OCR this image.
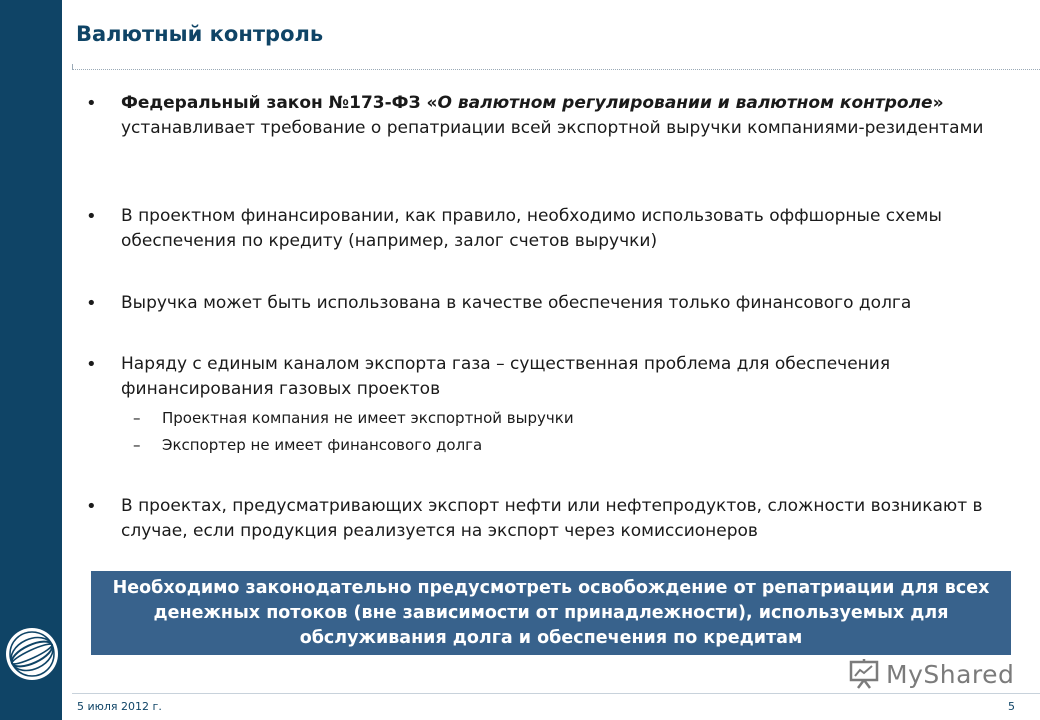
Валютный контроль
• Федеральный закон №173-ФЗ «О валютном регулировании и валютном контроле» устанавливает требование о репатриации всей экспортной выручки компаниями-резидентами
• В проектном финансировании, как правило, необходимо использовать оффшорные схемы обеспечения по кредиту (например, залог счетов выручки)
• Выручка может быть использована в качестве обеспечения только финансового долга
• Наряду с единым каналом экспорта газа – существенная проблема для обеспечения финансирования газовых проектов
– Проектная компания не имеет экспортной выручки
– Экспортер не имеет финансового долга
• В проектах, предусматривающих экспорт нефти или нефтепродуктов, сложности возникают в случае, если продукция реализуется на экспорт через комиссионеров
Необходимо законодательно предусмотреть освобождение от репатриации для всех денежных потоков (вне зависимости от принадлежности), используемых для обслуживания долга и обеспечения по кредитам
MyShared
5 июля 2012 г.	5
